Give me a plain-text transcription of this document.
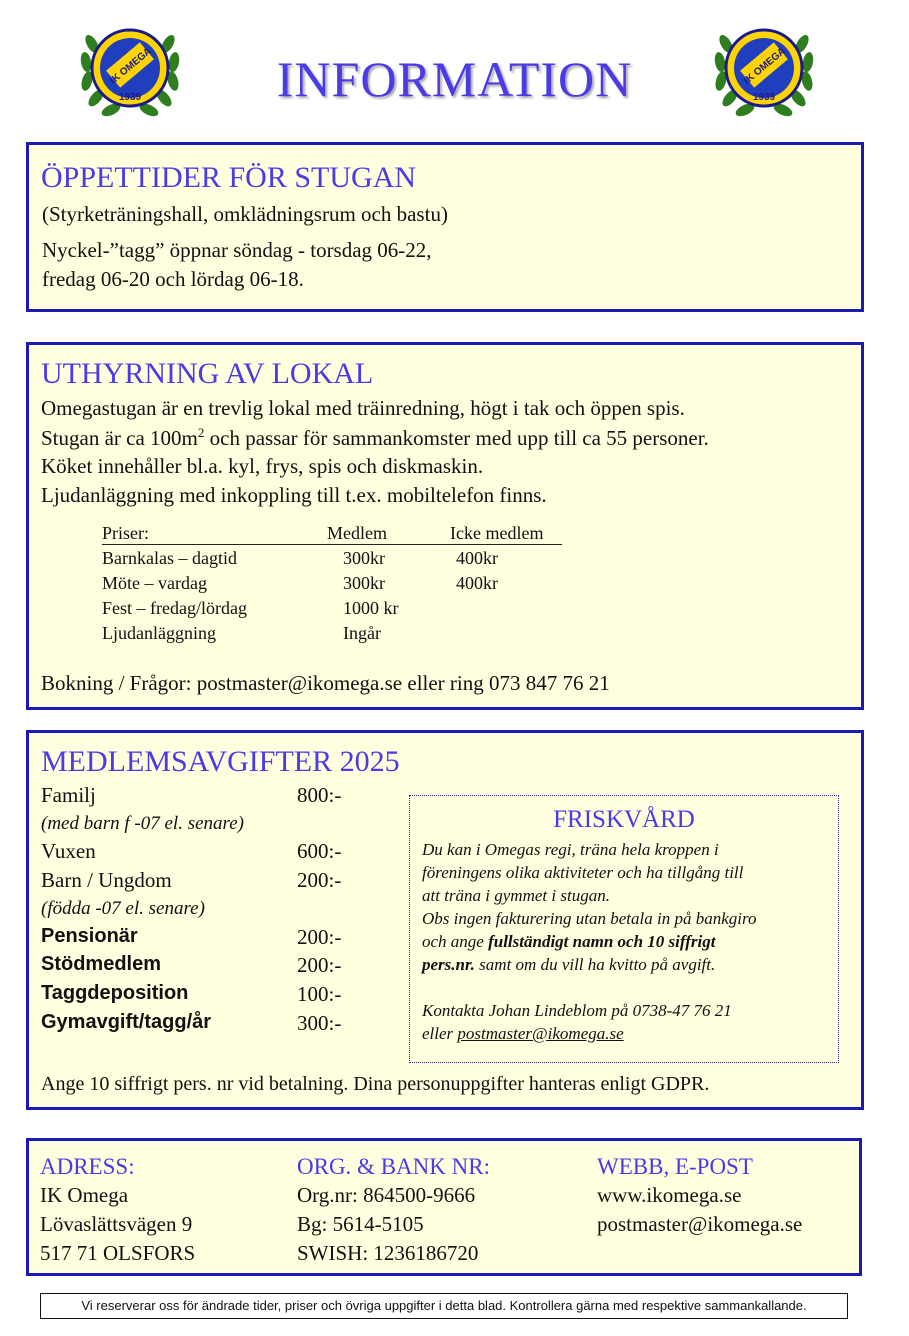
IK OMEGA
1939
IK OMEGA
1939
INFORMATION
ÖPPETTIDER FÖR STUGAN
(Styrketräningshall, omklädningsrum och bastu)
Nyckel-”tagg” öppnar söndag - torsdag 06-22,
fredag 06-20 och lördag 06-18.
UTHYRNING AV LOKAL
Omegastugan är en trevlig lokal med träinredning, högt i tak och öppen spis.
Stugan är ca $100m^2$ och passar för sammankomster med upp till ca 55 personer.
Köket innehåller bl.a. kyl, frys, spis och diskmaskin.
Ljudanläggning med inkoppling till t.ex. mobiltelefon finns.
Priser:	Medlem	Icke medlem
Barnkalas – dagtid	300kr	400kr
Möte – vardag	300kr	400kr
Fest – fredag/lördag	1000 kr
Ljudanläggning	Ingår
Bokning / Frågor: postmaster@ikomega.se eller ring 073 847 76 21
MEDLEMSAVGIFTER 2025
Familj	800:-
(med barn f -07 el. senare)
Vuxen	600:-
Barn / Ungdom	200:-
(födda -07 el. senare)
Pensionär	200:-
Stödmedlem	200:-
Taggdeposition	100:-
Gymavgift/tagg/år	300:-
FRISKVÅRD
Du kan i Omegas regi, träna hela kroppen i
föreningens olika aktiviteter och ha tillgång till
att träna i gymmet i stugan.
Obs ingen fakturering utan betala in på bankgiro
och ange fullständigt namn och 10 siffrigt
pers.nr. samt om du vill ha kvitto på avgift.
Kontakta Johan Lindeblom på 0738-47 76 21
eller postmaster@ikomega.se
Ange 10 siffrigt pers. nr vid betalning. Dina personuppgifter hanteras enligt GDPR.
ADRESS:
IK Omega
Lövaslättsvägen 9
517 71 OLSFORS
ORG. & BANK NR:
Org.nr: 864500-9666
Bg: 5614-5105
SWISH: 1236186720
WEBB, E-POST
www.ikomega.se
postmaster@ikomega.se
Vi reserverar oss för ändrade tider, priser och övriga uppgifter i detta blad. Kontrollera gärna med respektive sammankallande.
